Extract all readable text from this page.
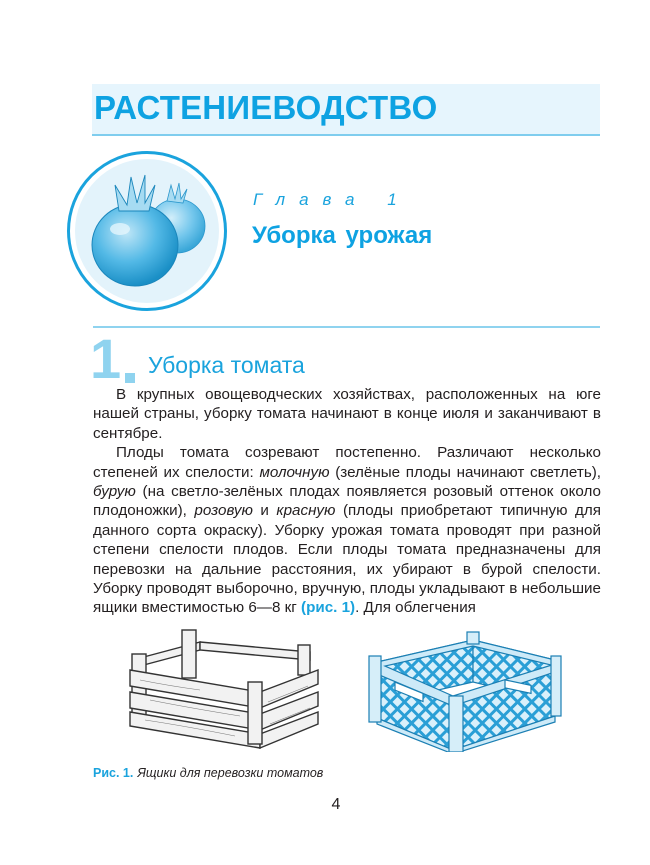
РАСТЕНИЕВОДСТВО
Глава 1
Уборка урожая
1 Уборка томата

В крупных овощеводческих хозяйствах, расположенных на юге нашей страны, уборку томата начинают в конце июля и заканчивают в сентябре.

Плоды томата созревают постепенно. Различают несколько степеней их спелости: молочную (зелёные плоды начинают светлеть), бурую (на светло-зелёных плодах появляется розовый оттенок около плодоножки), розовую и красную (плоды приобретают типичную для данного сорта окраску). Уборку урожая томата проводят при разной степени спелости плодов. Если плоды томата предназначены для перевозки на дальние расстояния, их убирают в бурой спелости. Уборку проводят выборочно, вручную, плоды укладывают в небольшие ящики вместимостью 6—8 кг (рис. 1). Для облегчения

Рис. 1. Ящики для перевозки томатов
4
